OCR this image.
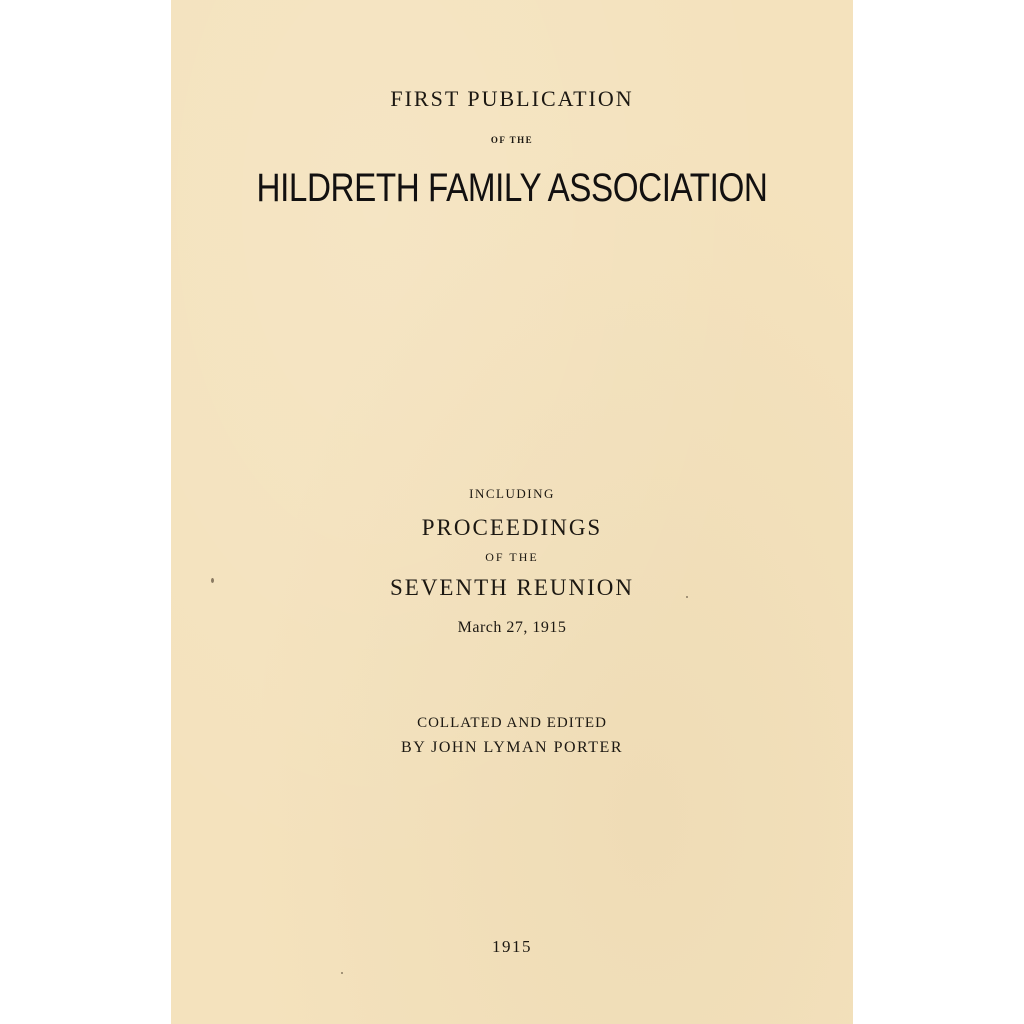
FIRST PUBLICATION

OF THE

HILDRETH FAMILY ASSOCIATION

INCLUDING

PROCEEDINGS

OF THE

SEVENTH REUNION

March 27, 1915

COLLATED AND EDITED

BY JOHN LYMAN PORTER

1915
